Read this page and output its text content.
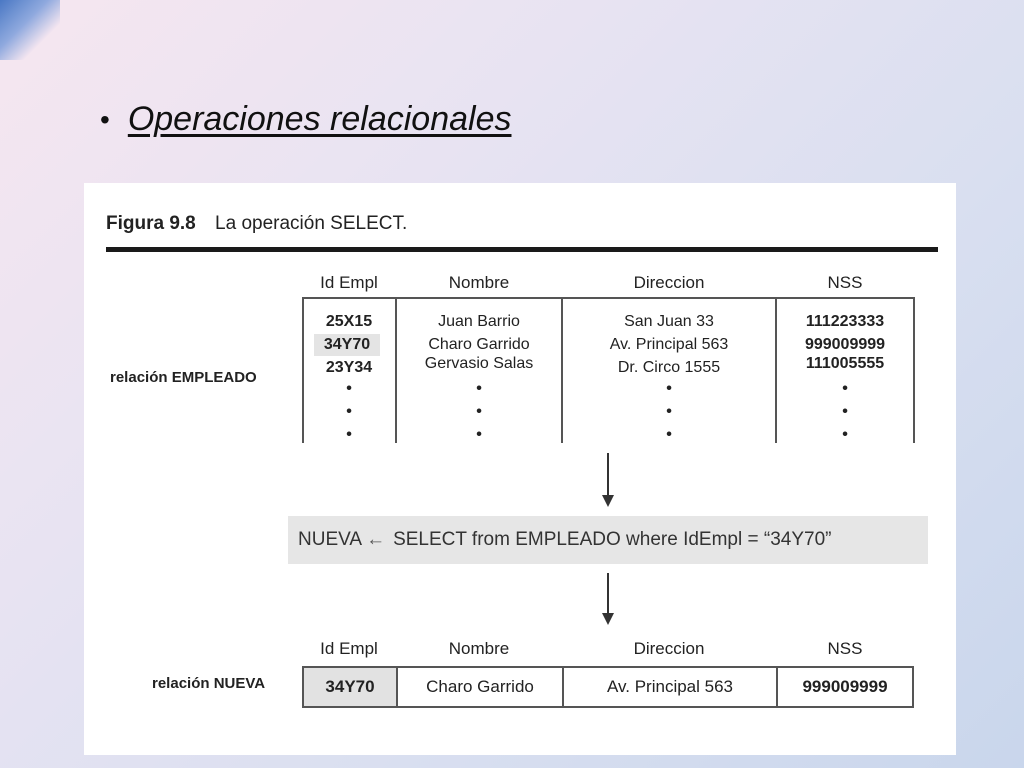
• Operaciones relacionales
Figura 9.8 La operación SELECT.
relación EMPLEADO
Id Empl	Nombre	Direccion	NSS
25X15	Juan Barrio	San Juan 33	111223333
34Y70	Charo Garrido	Av. Principal 563	999009999
23Y34	Gervasio Salas	Dr. Circo 1555	111005555
•
•
•
•
•
•
•
•
•
•
•
•
NUEVA ← SELECT from EMPLEADO where IdEmpl = “34Y70”
Id Empl	Nombre	Direccion	NSS
relación NUEVA	34Y70	Charo Garrido	Av. Principal 563	999009999
